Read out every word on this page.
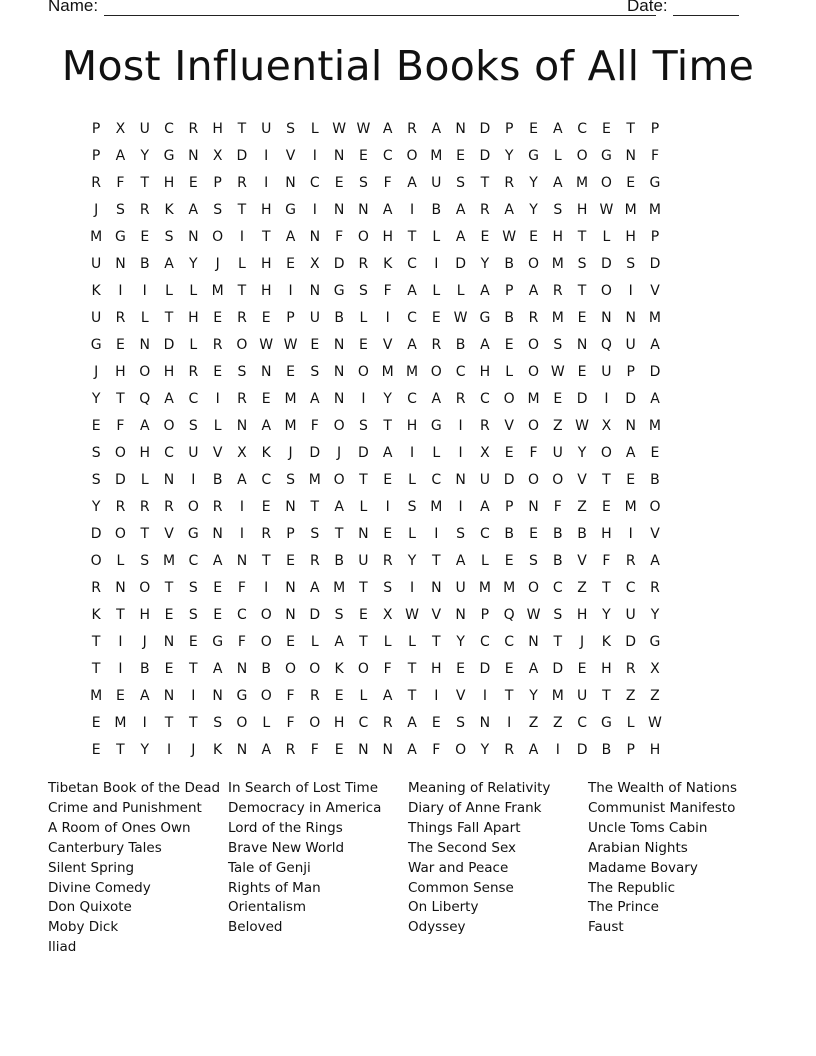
Name:	Date:
Most Influential Books of All Time
P	X	U	C	R	H	T	U	S	L W W A	R	A	N D	P	E	A	C	E	T	P
P	A	Y	G N	X	D	I	V	I	N	E	C O M E	D	Y	G	L	O G N	F
R	F	T	H	E	P	R	I	N	C	E	S	F	A	U	S	T	R	Y	A M O	E	G
J	S	R	K	A	S	T	H G	I	N N	A	I	B	A	R	A	Y	S	H W M M
M G	E	S	N O	I	T	A	N	F	O H	T	L	A	E W E	H	T	L	H	P
U N	B	A	Y	J	L	H	E	X	D	R	K	C	I	D	Y	B O M S	D	S	D
K	I	I	L	L	M T	H	I	N G	S	F	A	L	L	A	P	A	R	T	O	I	V
U	R	L	T	H	E	R	E	P	U	B	L	I	C	E W G	B	R M E	N N M
G	E	N D	L	R O W W E	N	E	V	A	R	B	A	E	O	S	N Q U	A
J	H O H	R	E	S	N	E	S	N O M M O C	H	L	O W E	U	P	D
Y	T	Q	A	C	I	R	E M A	N	I	Y	C	A	R	C O M E	D	I	D	A
E	F	A O	S	L	N	A M	F	O	S	T	H G	I	R	V O Z W X	N M
S	O H	C	U	V	X	K	J	D	J	D	A	I	L	I	X	E	F	U	Y	O	A	E
S	D	L	N	I	B	A	C	S M O	T	E	L	C	N U D O O	V	T	E	B
Y	R	R	R O R	I	E	N	T	A	L	I	S M	I	A	P	N	F	Z	E M O
D O	T	V	G N	I	R	P	S	T	N	E	L	I	S	C	B	E	B	B	H	I	V
O	L	S M C	A	N	T	E	R	B	U	R	Y	T	A	L	E	S	B	V	F	R	A
R	N O	T	S	E	F	I	N	A M T	S	I	N U M M O C	Z	T	C	R
K	T	H	E	S	E	C O N D	S	E	X W V	N	P	Q W S	H	Y	U	Y
T	I	J	N	E	G	F	O	E	L	A	T	L	L	T	Y	C	C	N	T	J	K	D G
T	I	B	E	T	A	N	B O O	K	O	F	T	H	E	D	E	A	D	E	H	R	X
M E	A	N	I	N G O	F	R	E	L	A	T	I	V	I	T	Y M U	T	Z	Z
E M	I	T	T	S	O	L	F	O H	C	R	A	E	S	N	I	Z	Z	C G	L W
E	T	Y	I	J	K	N	A	R	F	E	N N	A	F	O	Y	R	A	I	D	B	P	H
Tibetan Book of the Dead
Crime and Punishment
A Room of Ones Own
Canterbury Tales
Silent Spring
Divine Comedy
Don Quixote
Moby Dick
Iliad
In Search of Lost Time
Democracy in America
Lord of the Rings
Brave New World
Tale of Genji
Rights of Man
Orientalism
Beloved
Meaning of Relativity
Diary of Anne Frank
Things Fall Apart
The Second Sex
War and Peace
Common Sense
On Liberty
Odyssey
The Wealth of Nations
Communist Manifesto
Uncle Toms Cabin
Arabian Nights
Madame Bovary
The Republic
The Prince
Faust
